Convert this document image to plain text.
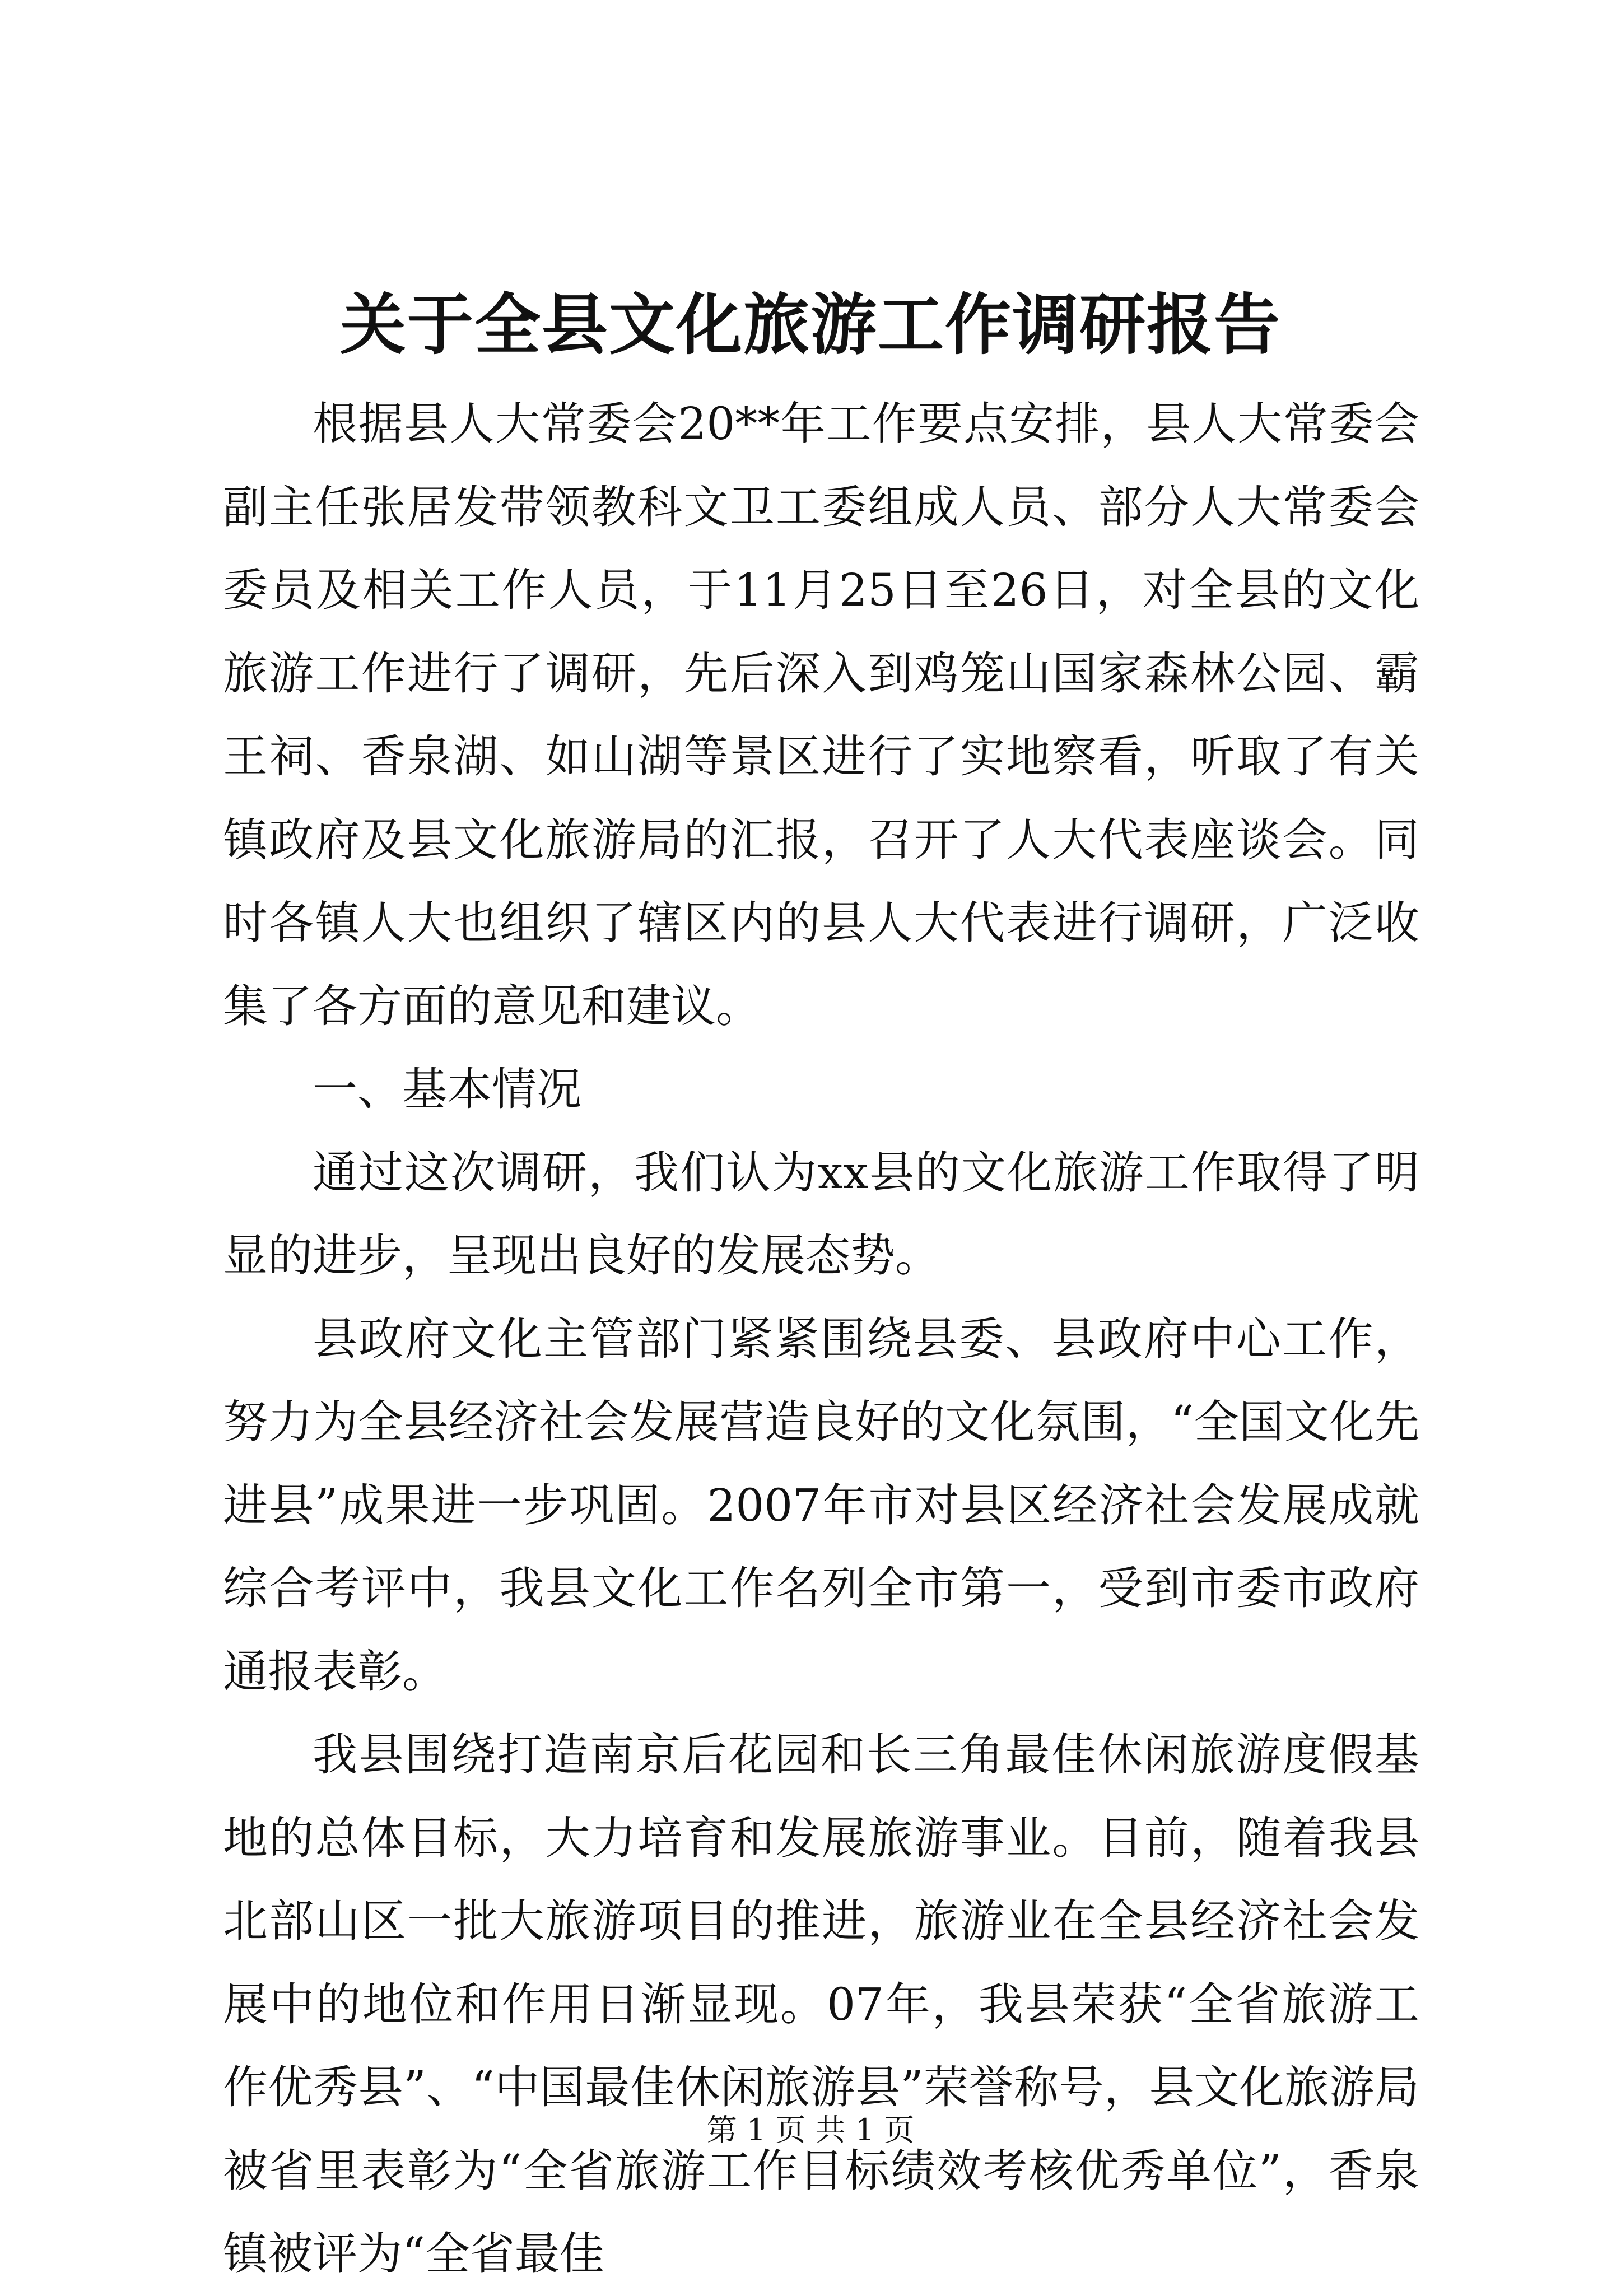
关于全县文化旅游工作调研报告

根据县人大常委会20**年工作要点安排，县人大常委会副主任张居发带领教科文卫工委组成人员、部分人大常委会委员及相关工作人员，于11月25日至26日，对全县的文化旅游工作进行了调研，先后深入到鸡笼山国家森林公园、霸王祠、香泉湖、如山湖等景区进行了实地察看，听取了有关镇政府及县文化旅游局的汇报，召开了人大代表座谈会。同时各镇人大也组织了辖区内的县人大代表进行调研，广泛收集了各方面的意见和建议。

一、基本情况

通过这次调研，我们认为xx县的文化旅游工作取得了明显的进步，呈现出良好的发展态势。

县政府文化主管部门紧紧围绕县委、县政府中心工作，努力为全县经济社会发展营造良好的文化氛围，“全国文化先进县”成果进一步巩固。2007年市对县区经济社会发展成就综合考评中，我县文化工作名列全市第一，受到市委市政府通报表彰。

我县围绕打造南京后花园和长三角最佳休闲旅游度假基地的总体目标，大力培育和发展旅游事业。目前，随着我县北部山区一批大旅游项目的推进，旅游业在全县经济社会发展中的地位和作用日渐显现。07年，我县荣获“全省旅游工作优秀县”、“中国最佳休闲旅游县”荣誉称号，县文化旅游局被省里表彰为“全省旅游工作目标绩效考核优秀单位”，香泉镇被评为“全省最佳

第 1 页 共 1 页
